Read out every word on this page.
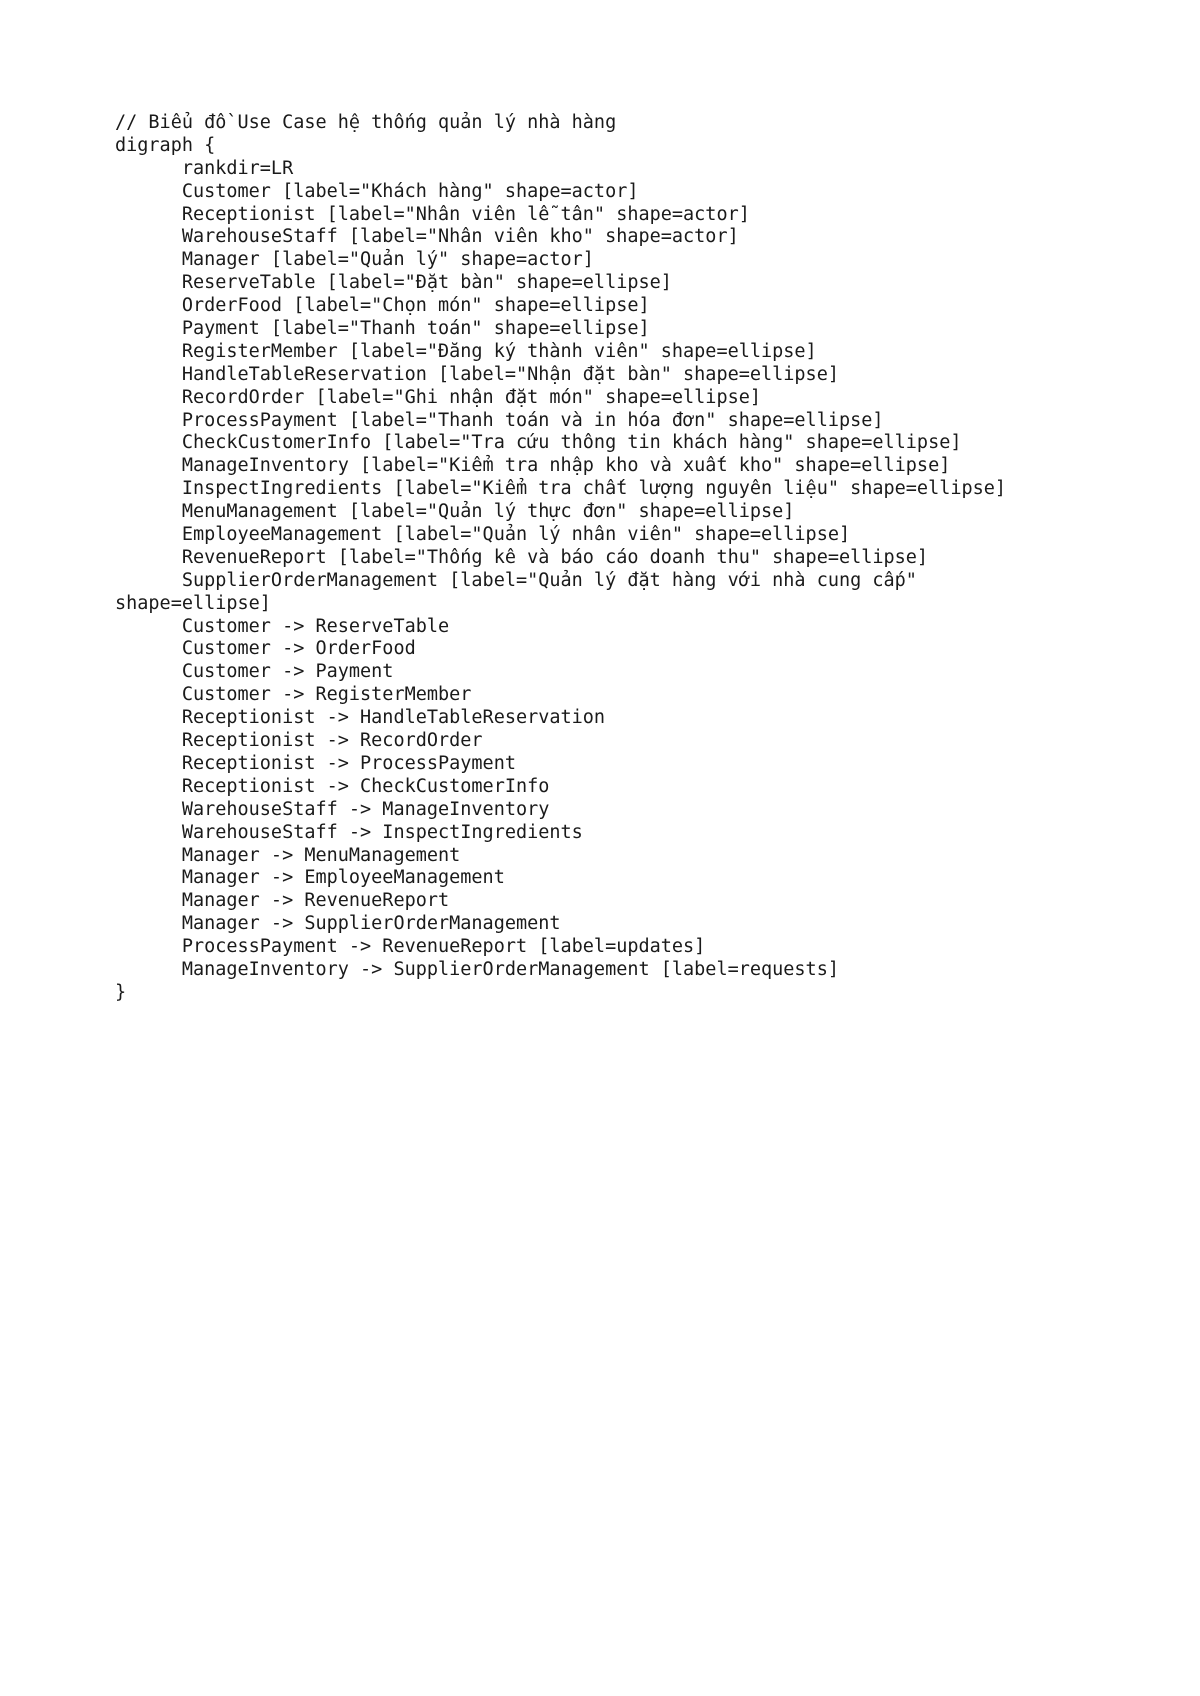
// Biểu đồ Use Case hệ thống quản lý nhà hàng
digraph {
rankdir=LR
Customer [label="Khách hàng" shape=actor]
Receptionist [label="Nhân viên lễ tân" shape=actor]
WarehouseStaff [label="Nhân viên kho" shape=actor]
Manager [label="Quản lý" shape=actor]
ReserveTable [label="Đặt bàn" shape=ellipse]
OrderFood [label="Chọn món" shape=ellipse]
Payment [label="Thanh toán" shape=ellipse]
RegisterMember [label="Đăng ký thành viên" shape=ellipse]
HandleTableReservation [label="Nhận đặt bàn" shape=ellipse]
RecordOrder [label="Ghi nhận đặt món" shape=ellipse]
ProcessPayment [label="Thanh toán và in hóa đơn" shape=ellipse]
CheckCustomerInfo [label="Tra cứu thông tin khách hàng" shape=ellipse]
ManageInventory [label="Kiểm tra nhập kho và xuất kho" shape=ellipse]
InspectIngredients [label="Kiểm tra chất lượng nguyên liệu" shape=ellipse]
MenuManagement [label="Quản lý thực đơn" shape=ellipse]
EmployeeManagement [label="Quản lý nhân viên" shape=ellipse]
RevenueReport [label="Thống kê và báo cáo doanh thu" shape=ellipse]
SupplierOrderManagement [label="Quản lý đặt hàng với nhà cung cấp"
shape=ellipse]
Customer -> ReserveTable
Customer -> OrderFood
Customer -> Payment
Customer -> RegisterMember
Receptionist -> HandleTableReservation
Receptionist -> RecordOrder
Receptionist -> ProcessPayment
Receptionist -> CheckCustomerInfo
WarehouseStaff -> ManageInventory
WarehouseStaff -> InspectIngredients
Manager -> MenuManagement
Manager -> EmployeeManagement
Manager -> RevenueReport
Manager -> SupplierOrderManagement
ProcessPayment -> RevenueReport [label=updates]
ManageInventory -> SupplierOrderManagement [label=requests]
}
